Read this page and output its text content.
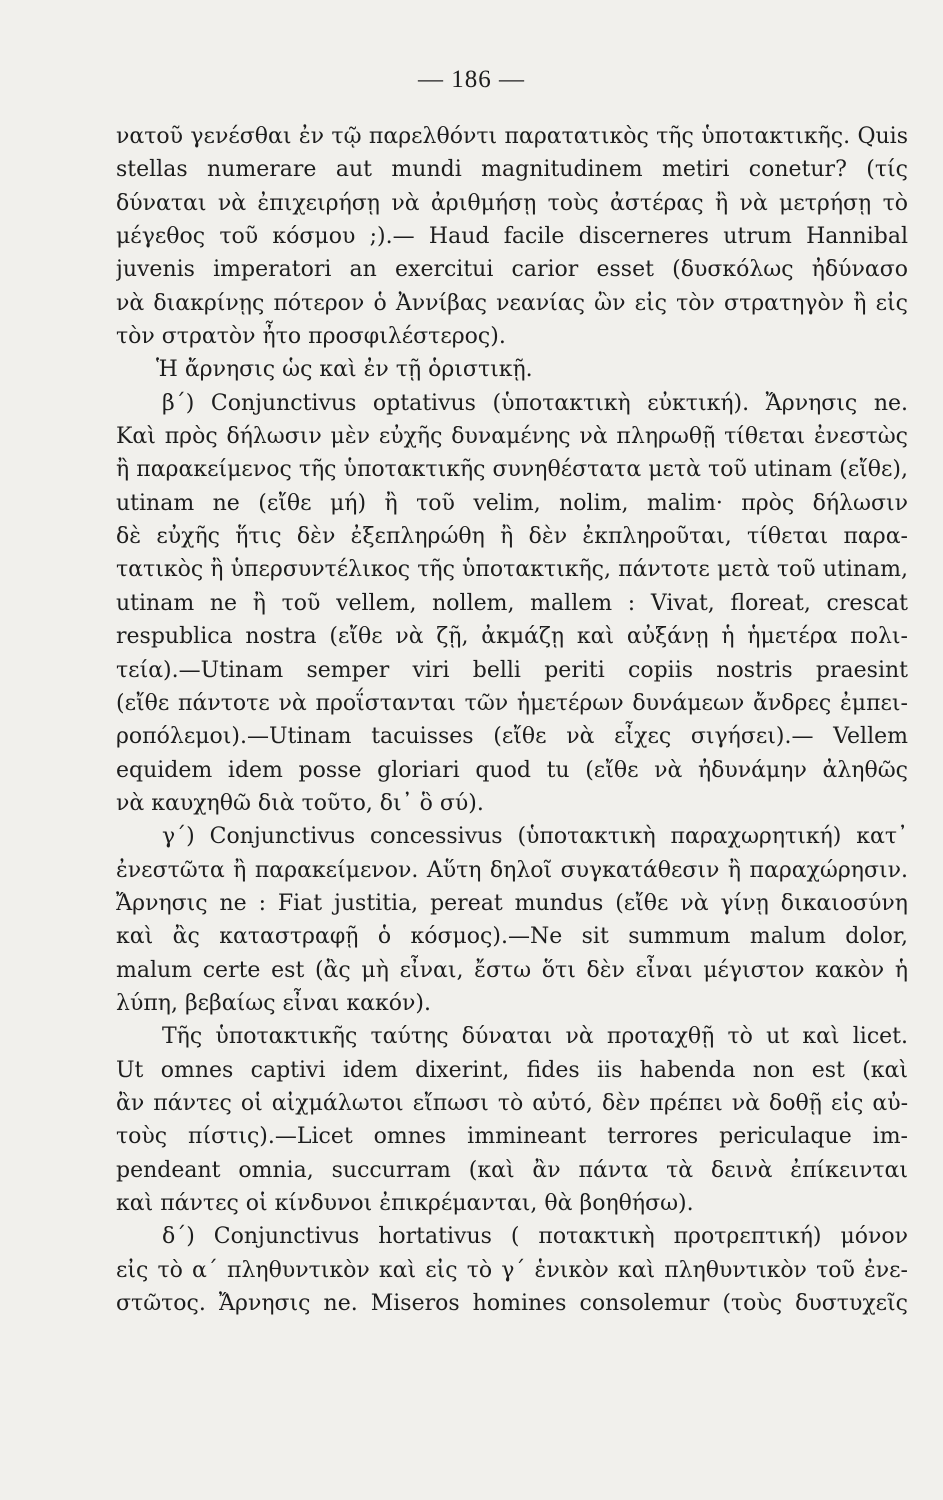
— 186 —
νατοῦ γενέσθαι ἐν τῷ παρελθόντι παρατατικὸς τῆς ὑποτακτικῆς. Quis
stellas numerare aut mundi magnitudinem metiri conetur? (τίς
δύναται νὰ ἐπιχειρήσῃ νὰ ἀριθμήσῃ τοὺς ἀστέρας ἢ νὰ μετρήσῃ τὸ
μέγεθος τοῦ κόσμου ;).— Haud facile discerneres utrum Hannibal
juvenis imperatori an exercitui carior esset (δυσκόλως ἠδύνασο
νὰ διακρίνῃς πότερον ὁ Ἀννίβας νεανίας ὢν εἰς τὸν στρατηγὸν ἢ εἰς
τὸν στρατὸν ἦτο προσφιλέστερος).
Ἡ ἄρνησις ὡς καὶ ἐν τῇ ὁριστικῇ.
β΄) Conjunctivus optativus (ὑποτακτικὴ εὐκτική). Ἄρνησις ne.
Καὶ πρὸς δήλωσιν μὲν εὐχῆς δυναμένης νὰ πληρωθῇ τίθεται ἐνεστὼς
ἢ παρακείμενος τῆς ὑποτακτικῆς συνηθέστατα μετὰ τοῦ utinam (εἴθε),
utinam ne (εἴθε μή) ἢ τοῦ velim, nolim, malim· πρὸς δήλωσιν
δὲ εὐχῆς ἥτις δὲν ἐξεπληρώθη ἢ δὲν ἐκπληροῦται, τίθεται παρα-
τατικὸς ἢ ὑπερσυντέλικος τῆς ὑποτακτικῆς, πάντοτε μετὰ τοῦ utinam,
utinam ne ἢ τοῦ vellem, nollem, mallem : Vivat, floreat, crescat
respublica nostra (εἴθε νὰ ζῇ, ἀκμάζῃ καὶ αὐξάνῃ ἡ ἡμετέρα πολι-
τεία).—Utinam semper viri belli periti copiis nostris praesint
(εἴθε πάντοτε νὰ προΐστανται τῶν ἡμετέρων δυνάμεων ἄνδρες ἐμπει-
ροπόλεμοι).—Utinam tacuisses (εἴθε νὰ εἶχες σιγήσει).— Vellem
equidem idem posse gloriari quod tu (εἴθε νὰ ἠδυνάμην ἀληθῶς
νὰ καυχηθῶ διὰ τοῦτο, δι᾽ ὃ σύ).
γ΄) Conjunctivus concessivus (ὑποτακτικὴ παραχωρητική) κατ᾽
ἐνεστῶτα ἢ παρακείμενον. Αὕτη δηλοῖ συγκατάθεσιν ἢ παραχώρησιν.
Ἄρνησις ne : Fiat justitia, pereat mundus (εἴθε νὰ γίνῃ δικαιοσύνη
καὶ ἂς καταστραφῇ ὁ κόσμος).—Ne sit summum malum dolor,
malum certe est (ἂς μὴ εἶναι, ἔστω ὅτι δὲν εἶναι μέγιστον κακὸν ἡ
λύπη, βεβαίως εἶναι κακόν).
Τῆς ὑποτακτικῆς ταύτης δύναται νὰ προταχθῇ τὸ ut καὶ licet.
Ut omnes captivi idem dixerint, fides iis habenda non est (καὶ
ἂν πάντες οἱ αἰχμάλωτοι εἴπωσι τὸ αὐτό, δὲν πρέπει νὰ δοθῇ εἰς αὐ-
τοὺς πίστις).—Licet omnes immineant terrores periculaque im-
pendeant omnia, succurram (καὶ ἂν πάντα τὰ δεινὰ ἐπίκεινται
καὶ πάντες οἱ κίνδυνοι ἐπικρέμανται, θὰ βοηθήσω).
δ΄) Conjunctivus hortativus ( ποτακτικὴ προτρεπτική) μόνον
εἰς τὸ α΄ πληθυντικὸν καὶ εἰς τὸ γ΄ ἑνικὸν καὶ πληθυντικὸν τοῦ ἐνε-
στῶτος. Ἄρνησις ne. Miseros homines consolemur (τοὺς δυστυχεῖς
